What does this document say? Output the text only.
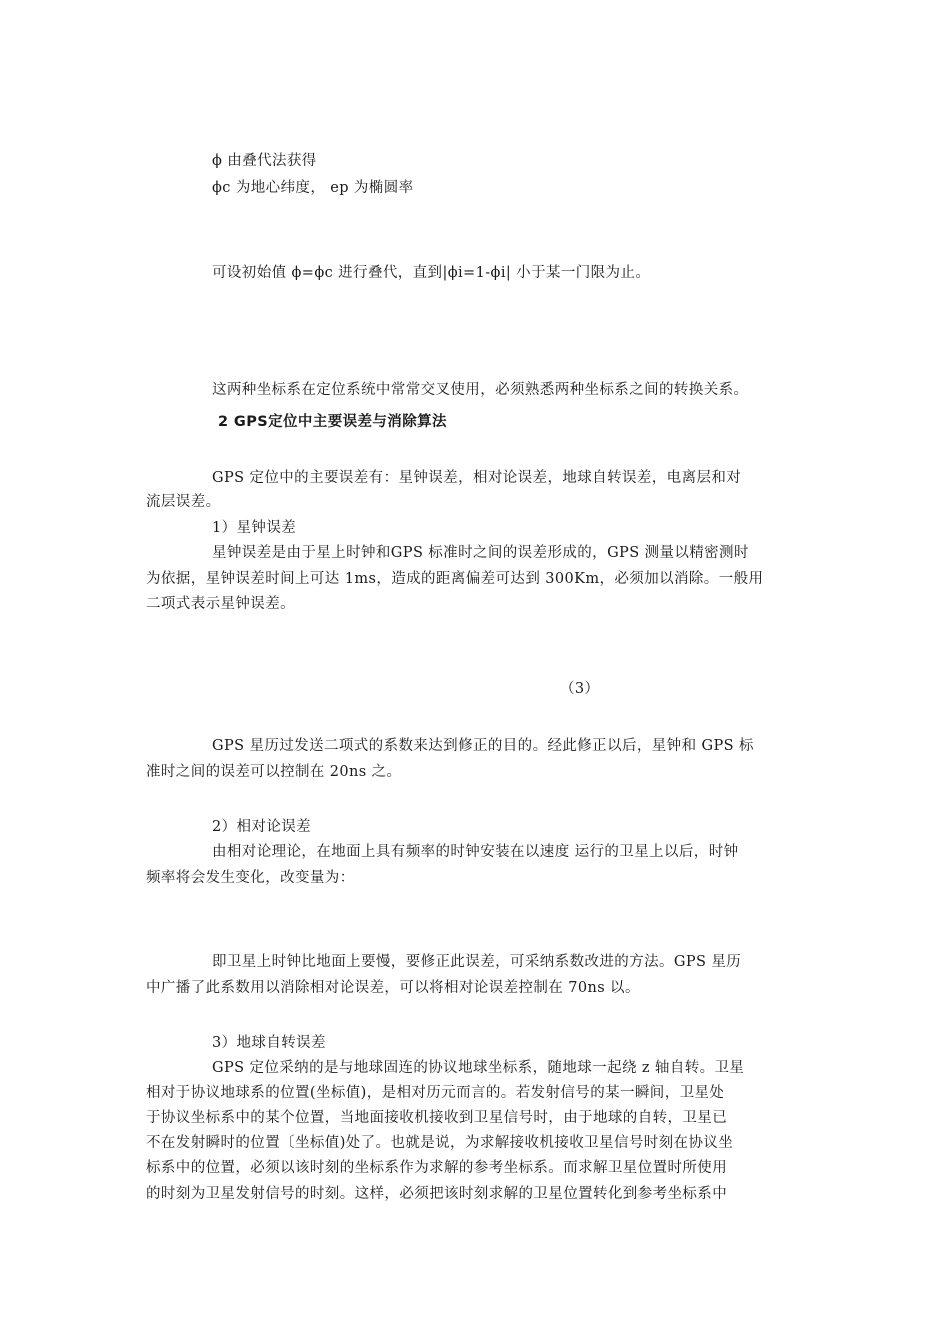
ϕ 由叠代法获得
ϕc 为地心纬度， ep 为椭圆率
可设初始值 ϕ=ϕc 进行叠代，直到|ϕi=1-ϕi| 小于某一门限为止。
这两种坐标系在定位系统中常常交叉使用，必须熟悉两种坐标系之间的转换关系。
2 GPS定位中主要误差与消除算法
GPS 定位中的主要误差有：星钟误差，相对论误差，地球自转误差，电离层和对
流层误差。
1）星钟误差
星钟误差是由于星上时钟和GPS 标准时之间的误差形成的，GPS 测量以精密测时
为依据，星钟误差时间上可达 1ms，造成的距离偏差可达到 300Km，必须加以消除。一般用
二项式表示星钟误差。
（3）
GPS 星历过发送二项式的系数来达到修正的目的。经此修正以后，星钟和 GPS 标
准时之间的误差可以控制在 20ns 之。
2）相对论误差
由相对论理论，在地面上具有频率的时钟安装在以速度 运行的卫星上以后，时钟
频率将会发生变化，改变量为：
即卫星上时钟比地面上要慢，要修正此误差，可采纳系数改进的方法。GPS 星历
中广播了此系数用以消除相对论误差，可以将相对论误差控制在 70ns 以。
3）地球自转误差
GPS 定位采纳的是与地球固连的协议地球坐标系，随地球一起绕 z 轴自转。卫星
相对于协议地球系的位置(坐标值)，是相对历元而言的。若发射信号的某一瞬间，卫星处
于协议坐标系中的某个位置，当地面接收机接收到卫星信号时，由于地球的自转，卫星已
不在发射瞬时的位置〔坐标值)处了。也就是说，为求解接收机接收卫星信号时刻在协议坐
标系中的位置，必须以该时刻的坐标系作为求解的参考坐标系。而求解卫星位置时所使用
的时刻为卫星发射信号的时刻。这样，必须把该时刻求解的卫星位置转化到参考坐标系中
